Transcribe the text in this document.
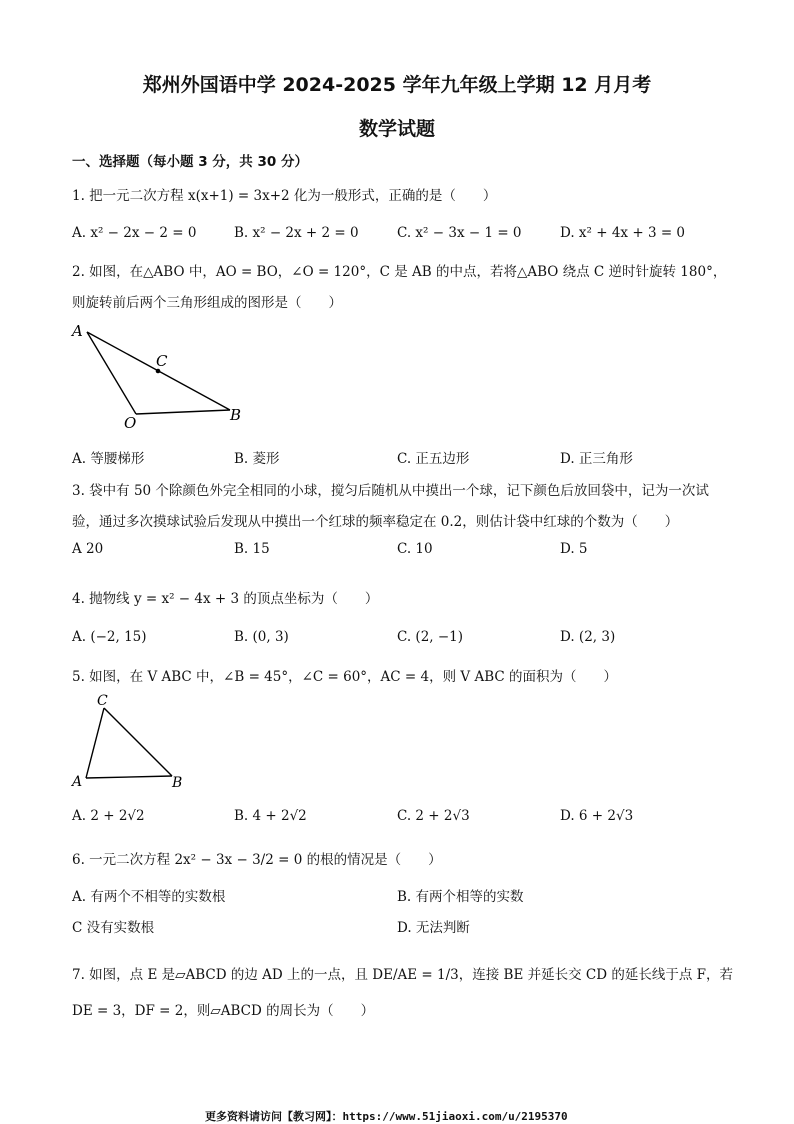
郑州外国语中学 2024-2025 学年九年级上学期 12 月月考
数学试题
一、选择题（每小题 3 分，共 30 分）
1. 把一元二次方程 x(x+1) = 3x+2 化为一般形式，正确的是（　　）
A. x² − 2x − 2 = 0	B. x² − 2x + 2 = 0	C. x² − 3x − 1 = 0	D. x² + 4x + 3 = 0
2. 如图，在△ABO 中，AO = BO，∠O = 120°，C 是 AB 的中点，若将△ABO 绕点 C 逆时针旋转 180°，
则旋转前后两个三角形组成的图形是（　　）
A
C
O	B
A. 等腰梯形	B. 菱形	C. 正五边形	D. 正三角形
3. 袋中有 50 个除颜色外完全相同的小球，搅匀后随机从中摸出一个球，记下颜色后放回袋中，记为一次试
验，通过多次摸球试验后发现从中摸出一个红球的频率稳定在 0.2，则估计袋中红球的个数为（　　）
A 20	B. 15	C. 10	D. 5
4. 抛物线 y = x² − 4x + 3 的顶点坐标为（　　）
A. (−2, 15)	B. (0, 3)	C. (2, −1)	D. (2, 3)
5. 如图，在 V ABC 中，∠B = 45°，∠C = 60°，AC = 4，则 V ABC 的面积为（　　）
C
A	B
A. 2 + 2√2	B. 4 + 2√2	C. 2 + 2√3	D. 6 + 2√3
6. 一元二次方程 2x² − 3x − 3/2 = 0 的根的情况是（　　）
A. 有两个不相等的实数根	B. 有两个相等的实数
C 没有实数根	D. 无法判断
7. 如图，点 E 是▱ABCD 的边 AD 上的一点，且 DE/AE = 1/3，连接 BE 并延长交 CD 的延长线于点 F，若
DE = 3，DF = 2，则▱ABCD 的周长为（　　）
更多资料请访问【教习网】：https://www.51jiaoxi.com/u/2195370
